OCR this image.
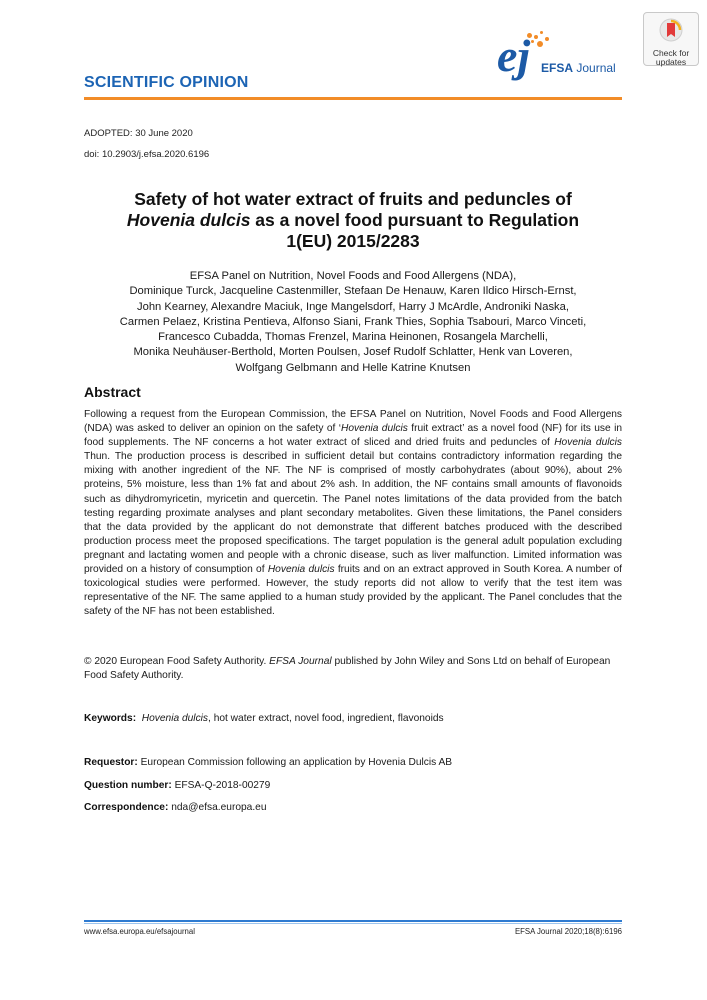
Check for updates
ej EFSA Journal
SCIENTIFIC OPINION
ADOPTED: 30 June 2020
doi: 10.2903/j.efsa.2020.6196
Safety of hot water extract of fruits and peduncles of
Hovenia dulcis as a novel food pursuant to Regulation
1(EU) 2015/2283
EFSA Panel on Nutrition, Novel Foods and Food Allergens (NDA),
Dominique Turck, Jacqueline Castenmiller, Stefaan De Henauw, Karen Ildico Hirsch-Ernst,
John Kearney, Alexandre Maciuk, Inge Mangelsdorf, Harry J McArdle, Androniki Naska,
Carmen Pelaez, Kristina Pentieva, Alfonso Siani, Frank Thies, Sophia Tsabouri, Marco Vinceti,
Francesco Cubadda, Thomas Frenzel, Marina Heinonen, Rosangela Marchelli,
Monika Neuhäuser-Berthold, Morten Poulsen, Josef Rudolf Schlatter, Henk van Loveren,
Wolfgang Gelbmann and Helle Katrine Knutsen
Abstract
Following a request from the European Commission, the EFSA Panel on Nutrition, Novel Foods and Food Allergens (NDA) was asked to deliver an opinion on the safety of ‘Hovenia dulcis fruit extract’ as a novel food (NF) for its use in food supplements. The NF concerns a hot water extract of sliced and dried fruits and peduncles of Hovenia dulcis Thun. The production process is described in sufficient detail but contains contradictory information regarding the mixing with another ingredient of the NF. The NF is comprised of mostly carbohydrates (about 90%), about 2% proteins, 5% moisture, less than 1% fat and about 2% ash. In addition, the NF contains small amounts of flavonoids such as dihydromyricetin, myricetin and quercetin. The Panel notes limitations of the data provided from the batch testing regarding proximate analyses and plant secondary metabolites. Given these limitations, the Panel considers that the data provided by the applicant do not demonstrate that different batches produced with the described production process meet the proposed specifications. The target population is the general adult population excluding pregnant and lactating women and people with a chronic disease, such as liver malfunction. Limited information was provided on a history of consumption of Hovenia dulcis fruits and on an extract approved in South Korea. A number of toxicological studies were performed. However, the study reports did not allow to verify that the test item was representative of the NF. The same applied to a human study provided by the applicant. The Panel concludes that the safety of the NF has not been established.
© 2020 European Food Safety Authority. EFSA Journal published by John Wiley and Sons Ltd on behalf of European Food Safety Authority.
Keywords: Hovenia dulcis, hot water extract, novel food, ingredient, flavonoids
Requestor: European Commission following an application by Hovenia Dulcis AB
Question number: EFSA-Q-2018-00279
Correspondence: nda@efsa.europa.eu
www.efsa.europa.eu/efsajournal	EFSA Journal 2020;18(8):6196
